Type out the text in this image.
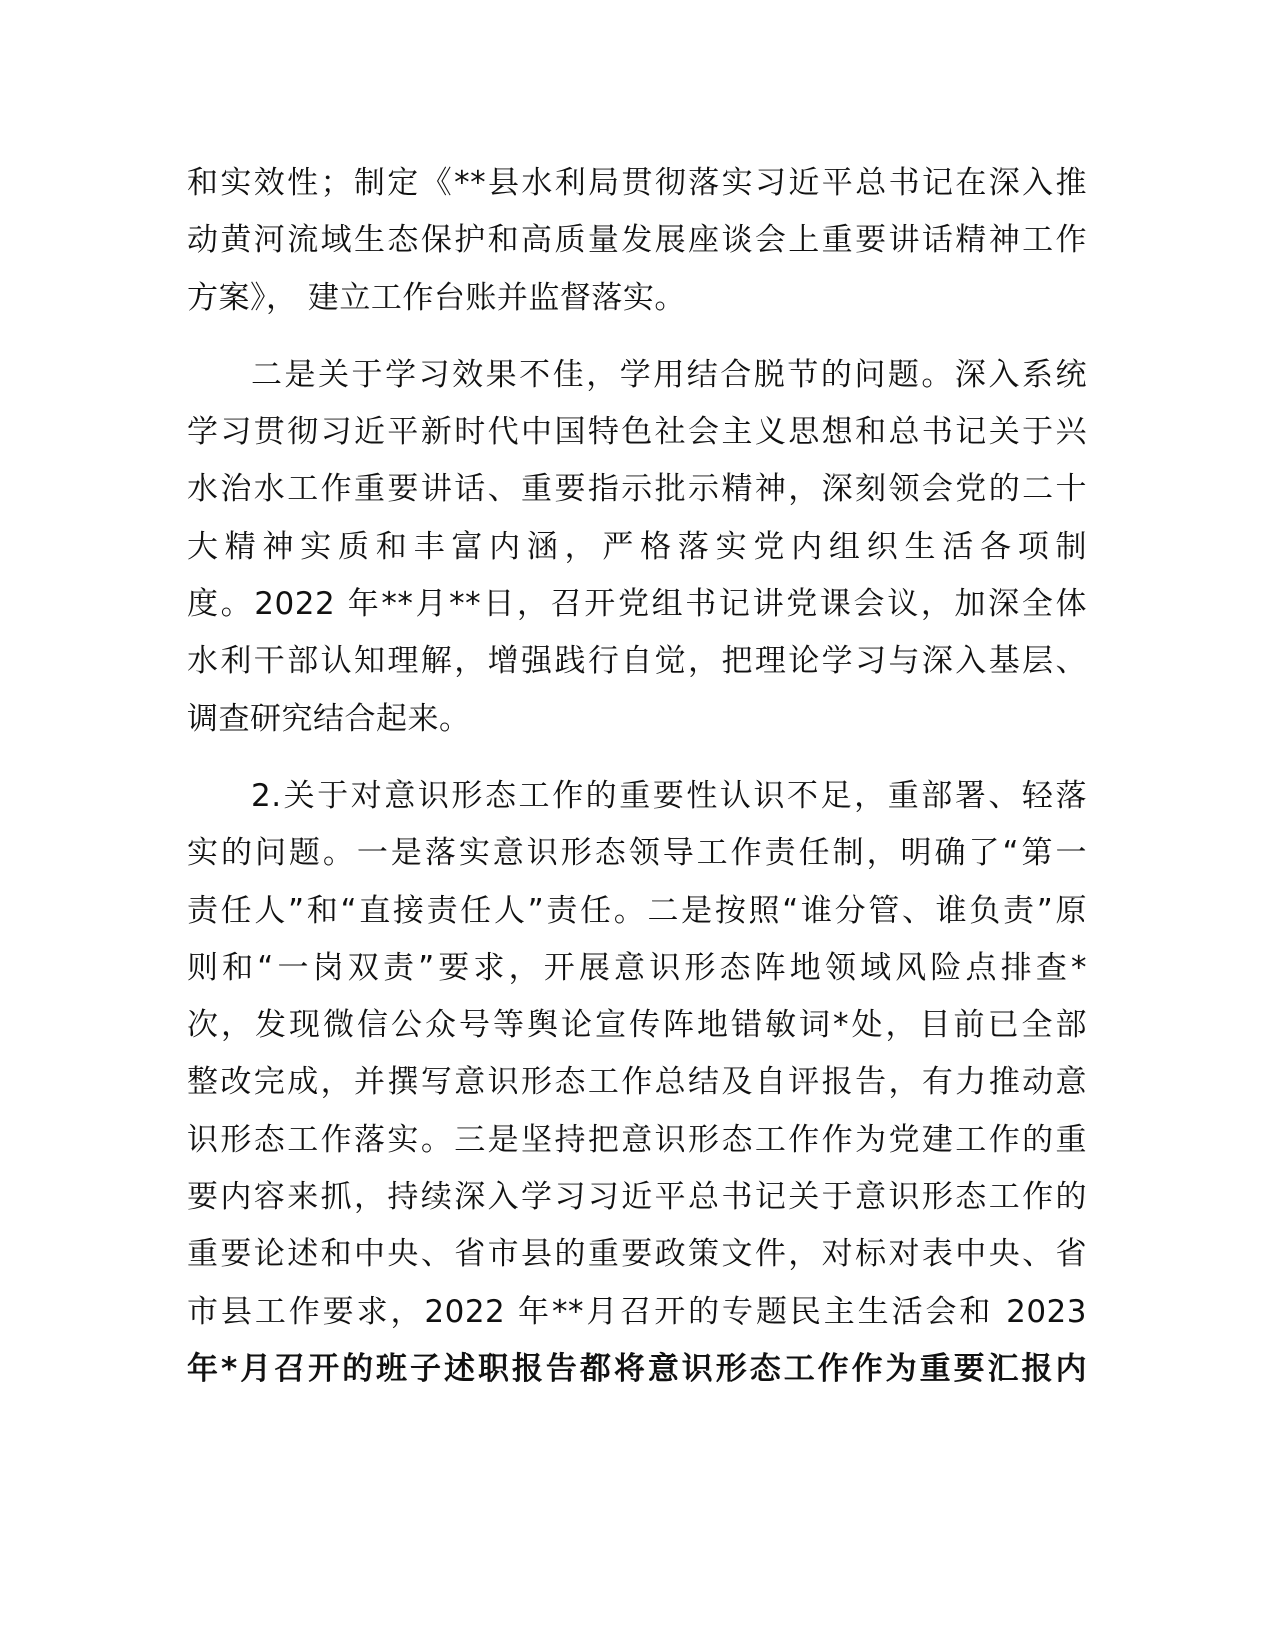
和实效性；制定《**县水利局贯彻落实习近平总书记在深入推
动黄河流域生态保护和高质量发展座谈会上重要讲话精神工作
方案》， 建立工作台账并监督落实。
二是关于学习效果不佳，学用结合脱节的问题。深入系统
学习贯彻习近平新时代中国特色社会主义思想和总书记关于兴
水治水工作重要讲话、重要指示批示精神，深刻领会党的二十
大精神实质和丰富内涵，严格落实党内组织生活各项制
度。2022 年**月**日，召开党组书记讲党课会议，加深全体
水利干部认知理解，增强践行自觉，把理论学习与深入基层、
调查研究结合起来。
2.关于对意识形态工作的重要性认识不足，重部署、轻落
实的问题。一是落实意识形态领导工作责任制，明确了“第一
责任人”和“直接责任人”责任。二是按照“谁分管、谁负责”原
则和“一岗双责”要求，开展意识形态阵地领域风险点排查*
次，发现微信公众号等舆论宣传阵地错敏词*处，目前已全部
整改完成，并撰写意识形态工作总结及自评报告，有力推动意
识形态工作落实。三是坚持把意识形态工作作为党建工作的重
要内容来抓，持续深入学习习近平总书记关于意识形态工作的
重要论述和中央、省市县的重要政策文件，对标对表中央、省
市县工作要求，2022 年**月召开的专题民主生活会和 2023
年*月召开的班子述职报告都将意识形态工作作为重要汇报内
